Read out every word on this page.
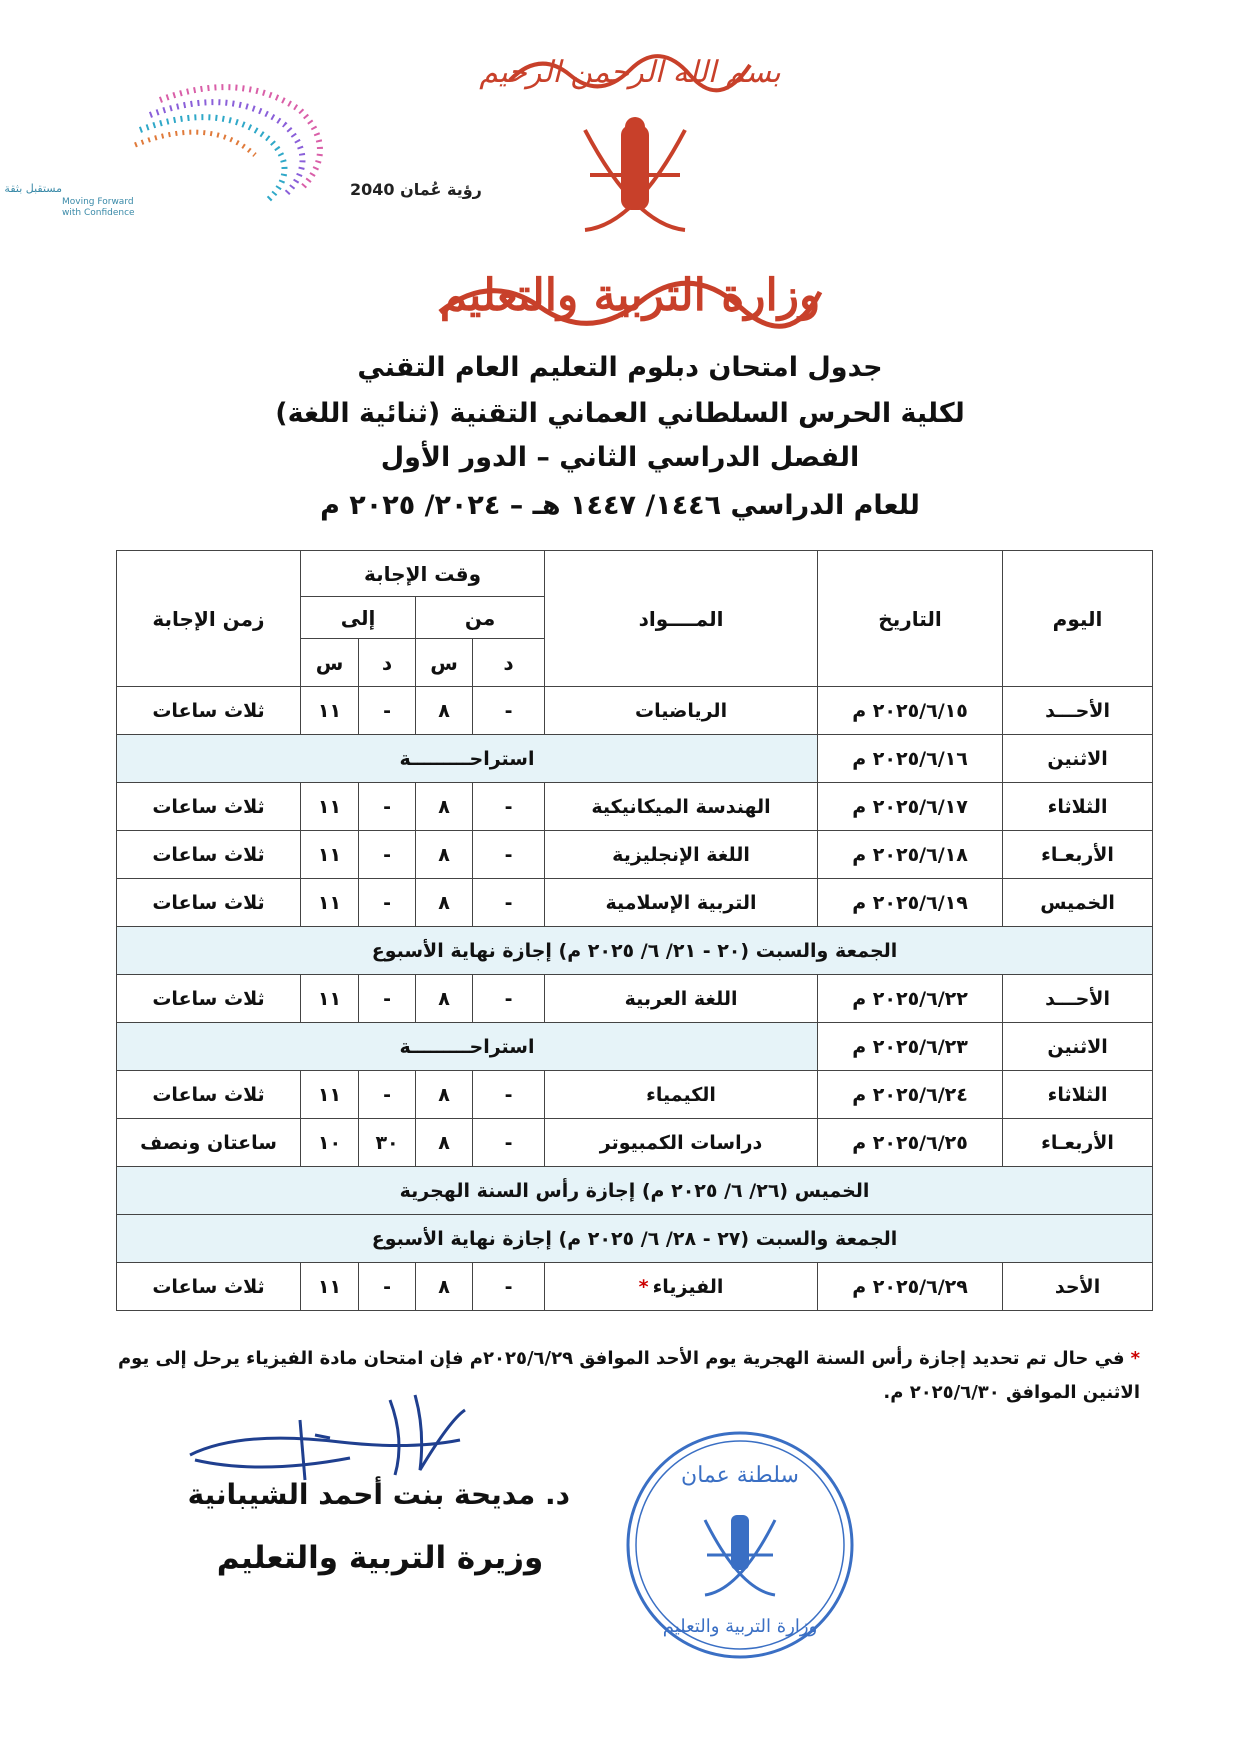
بسم الله الرحمن الرحيم
وزارة التربية والتعليم
رؤية عُمان 2040
مستقبل بثقة
Moving Forward
with Confidence
جدول امتحان دبلوم التعليم العام التقني
لكلية الحرس السلطاني العماني التقنية (ثنائية اللغة)
الفصل الدراسي الثاني – الدور الأول
للعام الدراسي ١٤٤٦/ ١٤٤٧ هـ – ٢٠٢٤/ ٢٠٢٥ م
اليوم	التاريخ	المــــواد	وقت الإجابة				زمن الإجابة
			من		إلى		
			د	س	د	س	
الأحـــد	٢٠٢٥/٦/١٥ م	الرياضيات	-	٨	-	١١	ثلاث ساعات
الاثنين	٢٠٢٥/٦/١٦ م	استراحـــــــــة					
الثلاثاء	٢٠٢٥/٦/١٧ م	الهندسة الميكانيكية	-	٨	-	١١	ثلاث ساعات
الأربعـاء	٢٠٢٥/٦/١٨ م	اللغة الإنجليزية	-	٨	-	١١	ثلاث ساعات
الخميس	٢٠٢٥/٦/١٩ م	التربية الإسلامية	-	٨	-	١١	ثلاث ساعات
الجمعة والسبت (٢٠ - ٢١/ ٦/ ٢٠٢٥ م) إجازة نهاية الأسبوع							
الأحـــد	٢٠٢٥/٦/٢٢ م	اللغة العربية	-	٨	-	١١	ثلاث ساعات
الاثنين	٢٠٢٥/٦/٢٣ م	استراحـــــــــة					
الثلاثاء	٢٠٢٥/٦/٢٤ م	الكيمياء	-	٨	-	١١	ثلاث ساعات
الأربعـاء	٢٠٢٥/٦/٢٥ م	دراسات الكمبيوتر	-	٨	٣٠	١٠	ساعتان ونصف
الخميس (٢٦/ ٦/ ٢٠٢٥ م) إجازة رأس السنة الهجرية							
الجمعة والسبت (٢٧ - ٢٨/ ٦/ ٢٠٢٥ م) إجازة نهاية الأسبوع							
الأحد	٢٠٢٥/٦/٢٩ م	الفيزياء*	-	٨	-	١١	ثلاث ساعات
*في حال تم تحديد إجازة رأس السنة الهجرية يوم الأحد الموافق ٢٠٢٥/٦/٢٩م فإن امتحان مادة الفيزياء يرحل إلى يوم الاثنين الموافق ٢٠٢٥/٦/٣٠ م.
د. مديحة بنت أحمد الشيبانية
وزيرة التربية والتعليم
سلطنة عمان
وزارة التربية والتعليم
